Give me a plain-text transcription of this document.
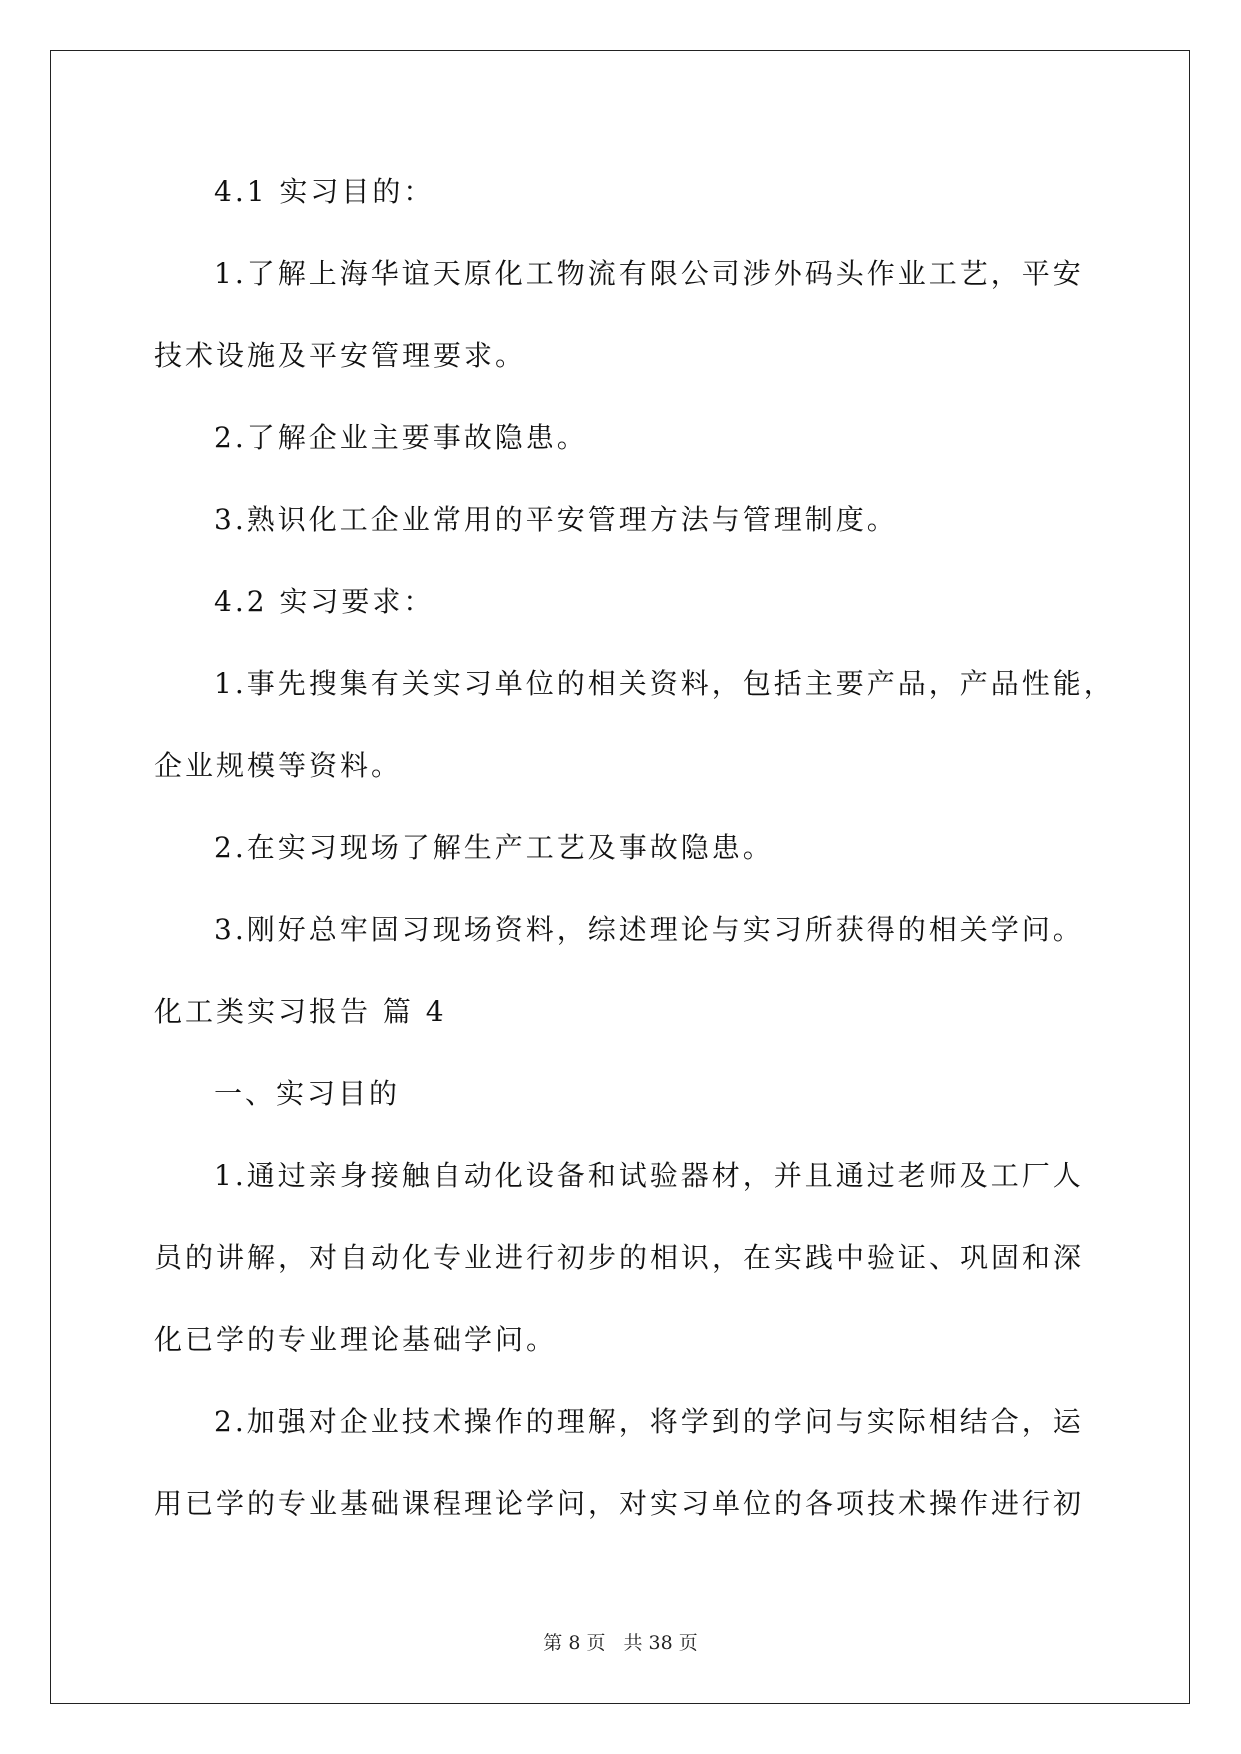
4.1 实习目的：
1.了解上海华谊天原化工物流有限公司涉外码头作业工艺，平安
技术设施及平安管理要求。
2.了解企业主要事故隐患。
3.熟识化工企业常用的平安管理方法与管理制度。
4.2 实习要求：
1.事先搜集有关实习单位的相关资料，包括主要产品，产品性能，
企业规模等资料。
2.在实习现场了解生产工艺及事故隐患。
3.刚好总牢固习现场资料，综述理论与实习所获得的相关学问。
化工类实习报告 篇 4
一、实习目的
1.通过亲身接触自动化设备和试验器材，并且通过老师及工厂人
员的讲解，对自动化专业进行初步的相识，在实践中验证、巩固和深
化已学的专业理论基础学问。
2.加强对企业技术操作的理解，将学到的学问与实际相结合，运
用已学的专业基础课程理论学问，对实习单位的各项技术操作进行初
第 8 页 共 38 页
